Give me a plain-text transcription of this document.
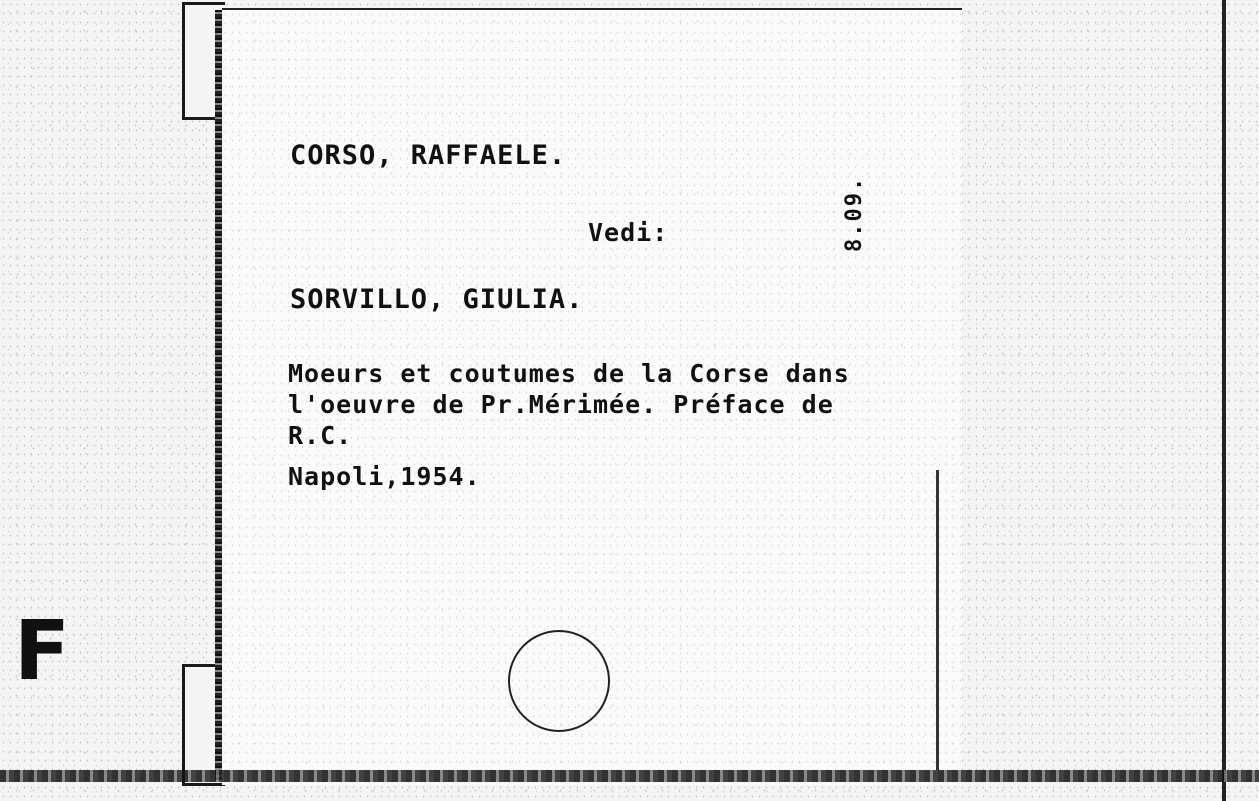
CORSO, RAFFAELE.
Vedi:	8.09.
SORVILLO, GIULIA.
Moeurs et coutumes de la Corse dans
l'oeuvre de Pr.Mérimée. Préface de
R.C.
Napoli,1954.
F
